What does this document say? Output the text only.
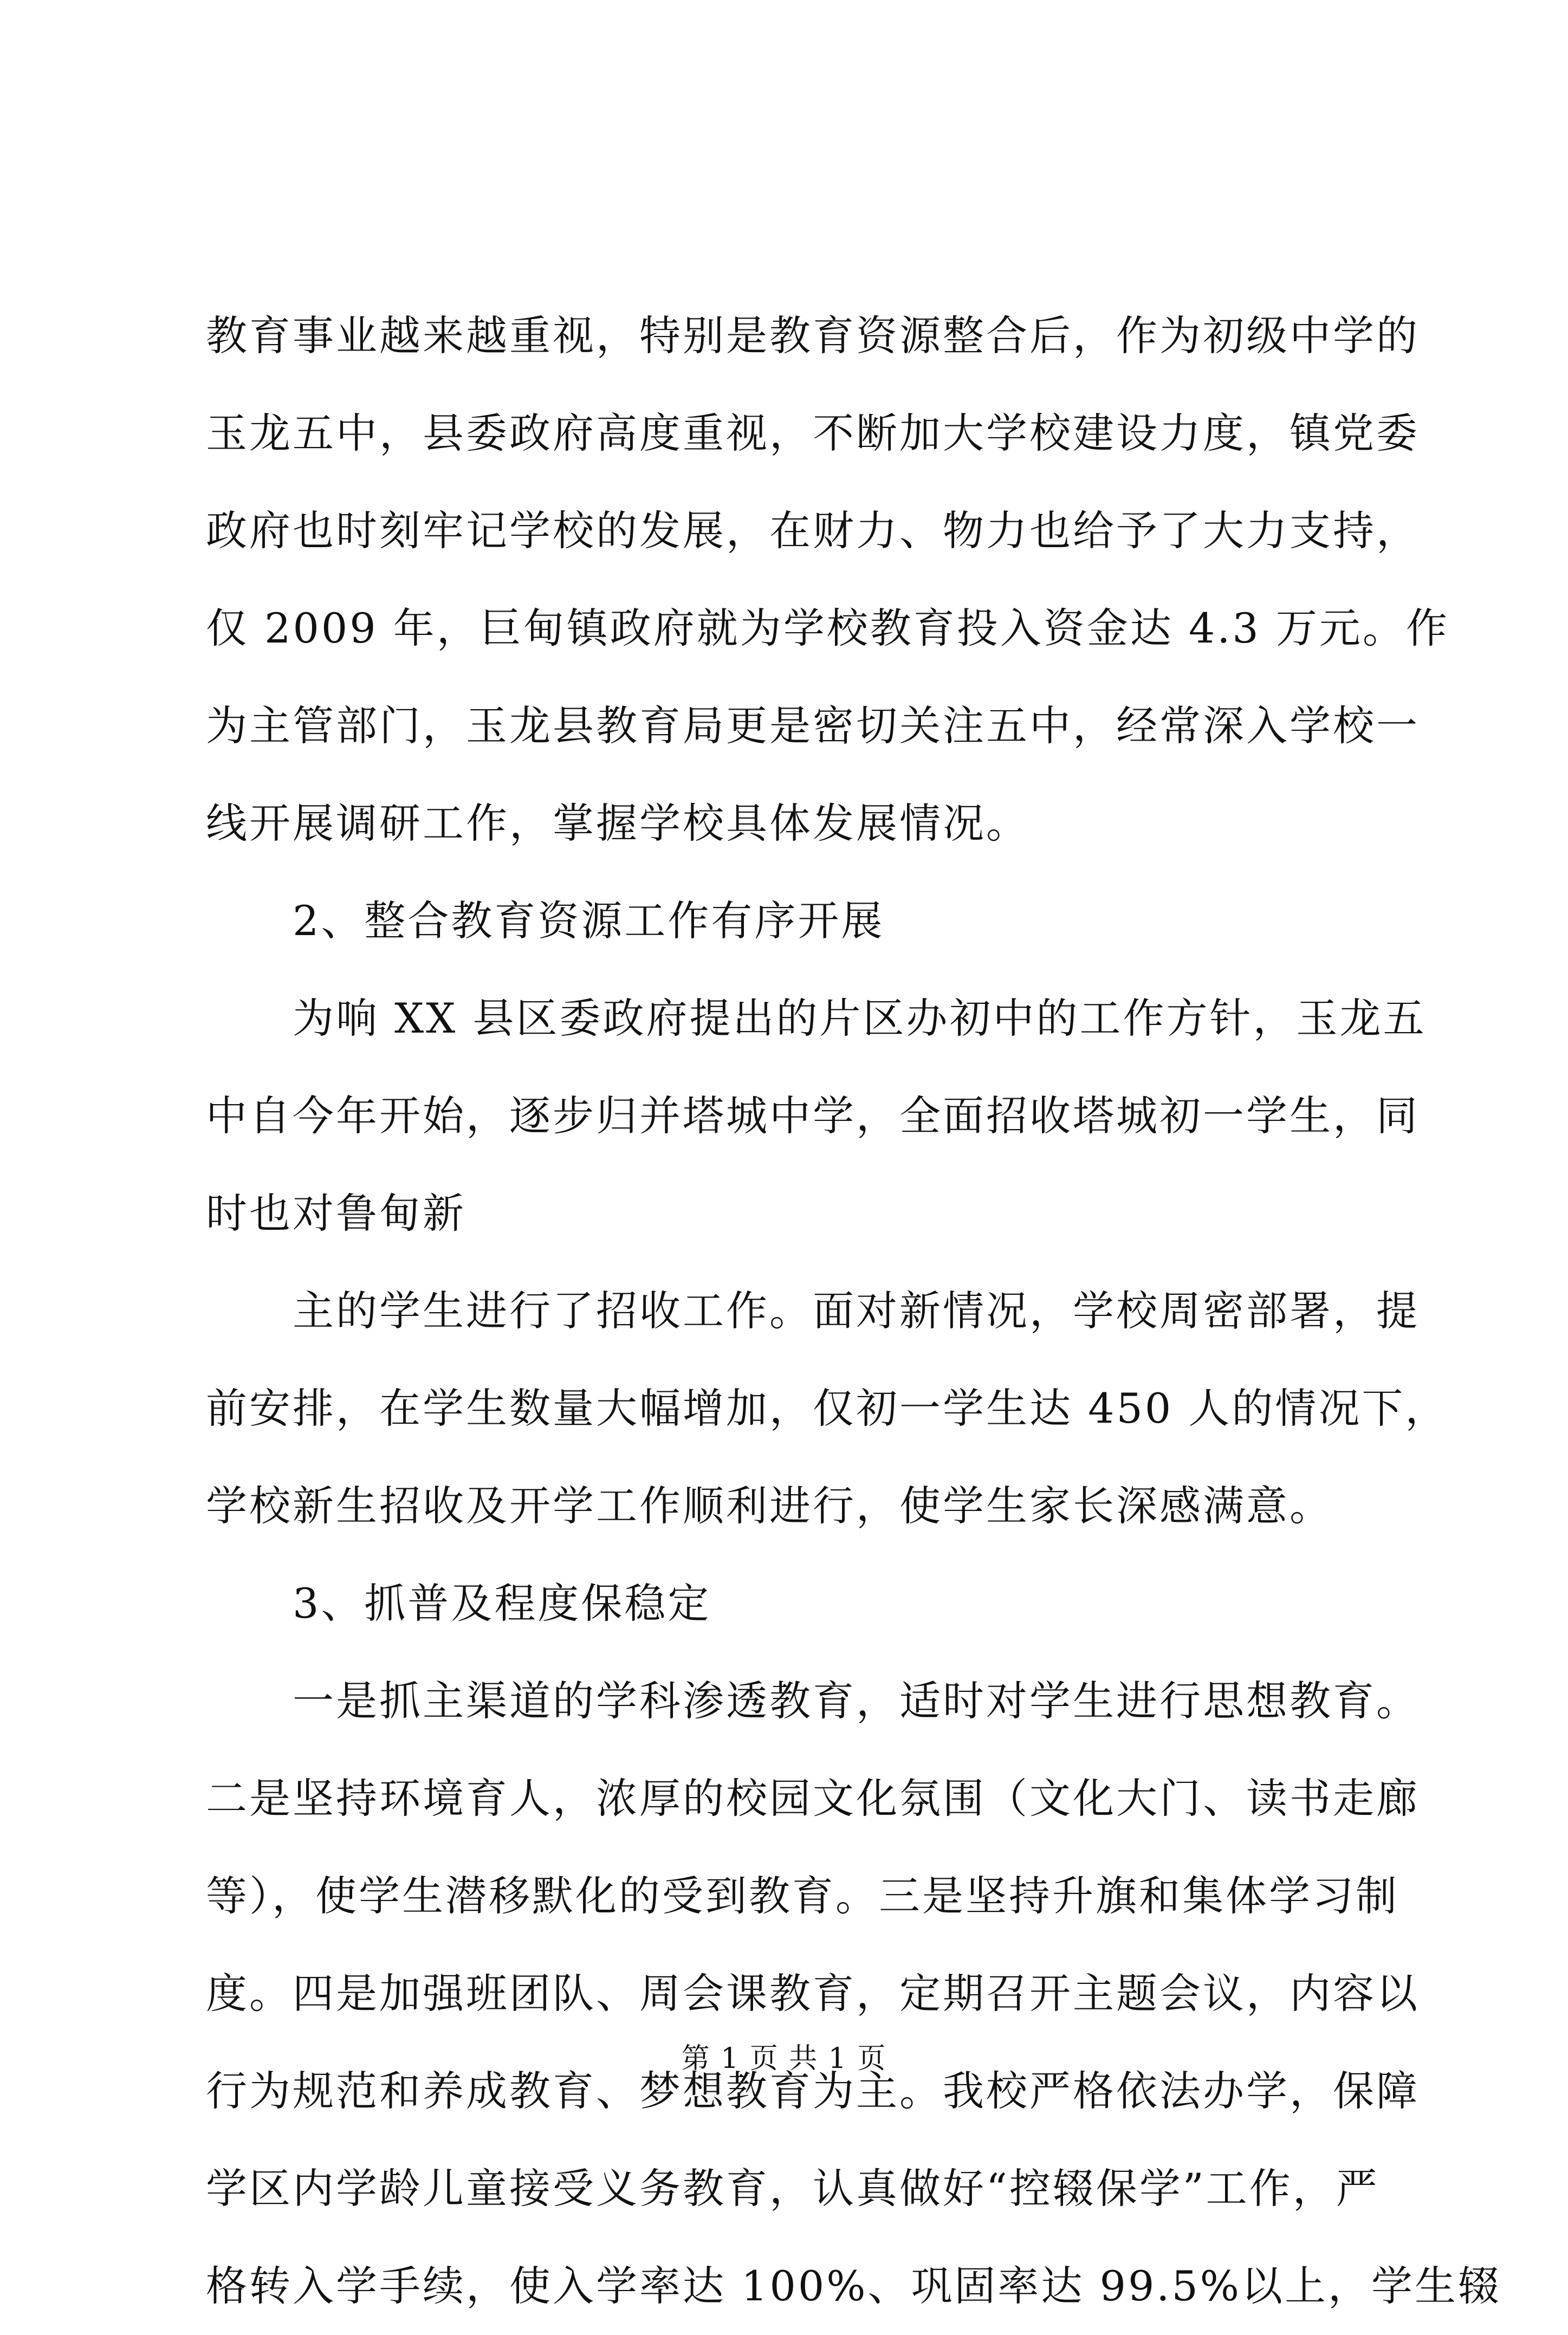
教育事业越来越重视，特别是教育资源整合后，作为初级中学的
玉龙五中，县委政府高度重视，不断加大学校建设力度，镇党委
政府也时刻牢记学校的发展，在财力、物力也给予了大力支持，
仅 2009 年，巨甸镇政府就为学校教育投入资金达 4.3 万元。作
为主管部门，玉龙县教育局更是密切关注五中，经常深入学校一
线开展调研工作，掌握学校具体发展情况。
2、整合教育资源工作有序开展
为响 XX 县区委政府提出的片区办初中的工作方针，玉龙五
中自今年开始，逐步归并塔城中学，全面招收塔城初一学生，同
时也对鲁甸新
主的学生进行了招收工作。面对新情况，学校周密部署，提
前安排，在学生数量大幅增加，仅初一学生达 450 人的情况下，
学校新生招收及开学工作顺利进行，使学生家长深感满意。
3、抓普及程度保稳定
一是抓主渠道的学科渗透教育，适时对学生进行思想教育。
二是坚持环境育人，浓厚的校园文化氛围（文化大门、读书走廊
等），使学生潜移默化的受到教育。三是坚持升旗和集体学习制
度。四是加强班团队、周会课教育，定期召开主题会议，内容以
行为规范和养成教育、梦想教育为主。我校严格依法办学，保障
学区内学龄儿童接受义务教育，认真做好“控辍保学”工作，严
格转入学手续，使入学率达 100%、巩固率达 99.5%以上，学生辍
第 1 页 共 1 页
